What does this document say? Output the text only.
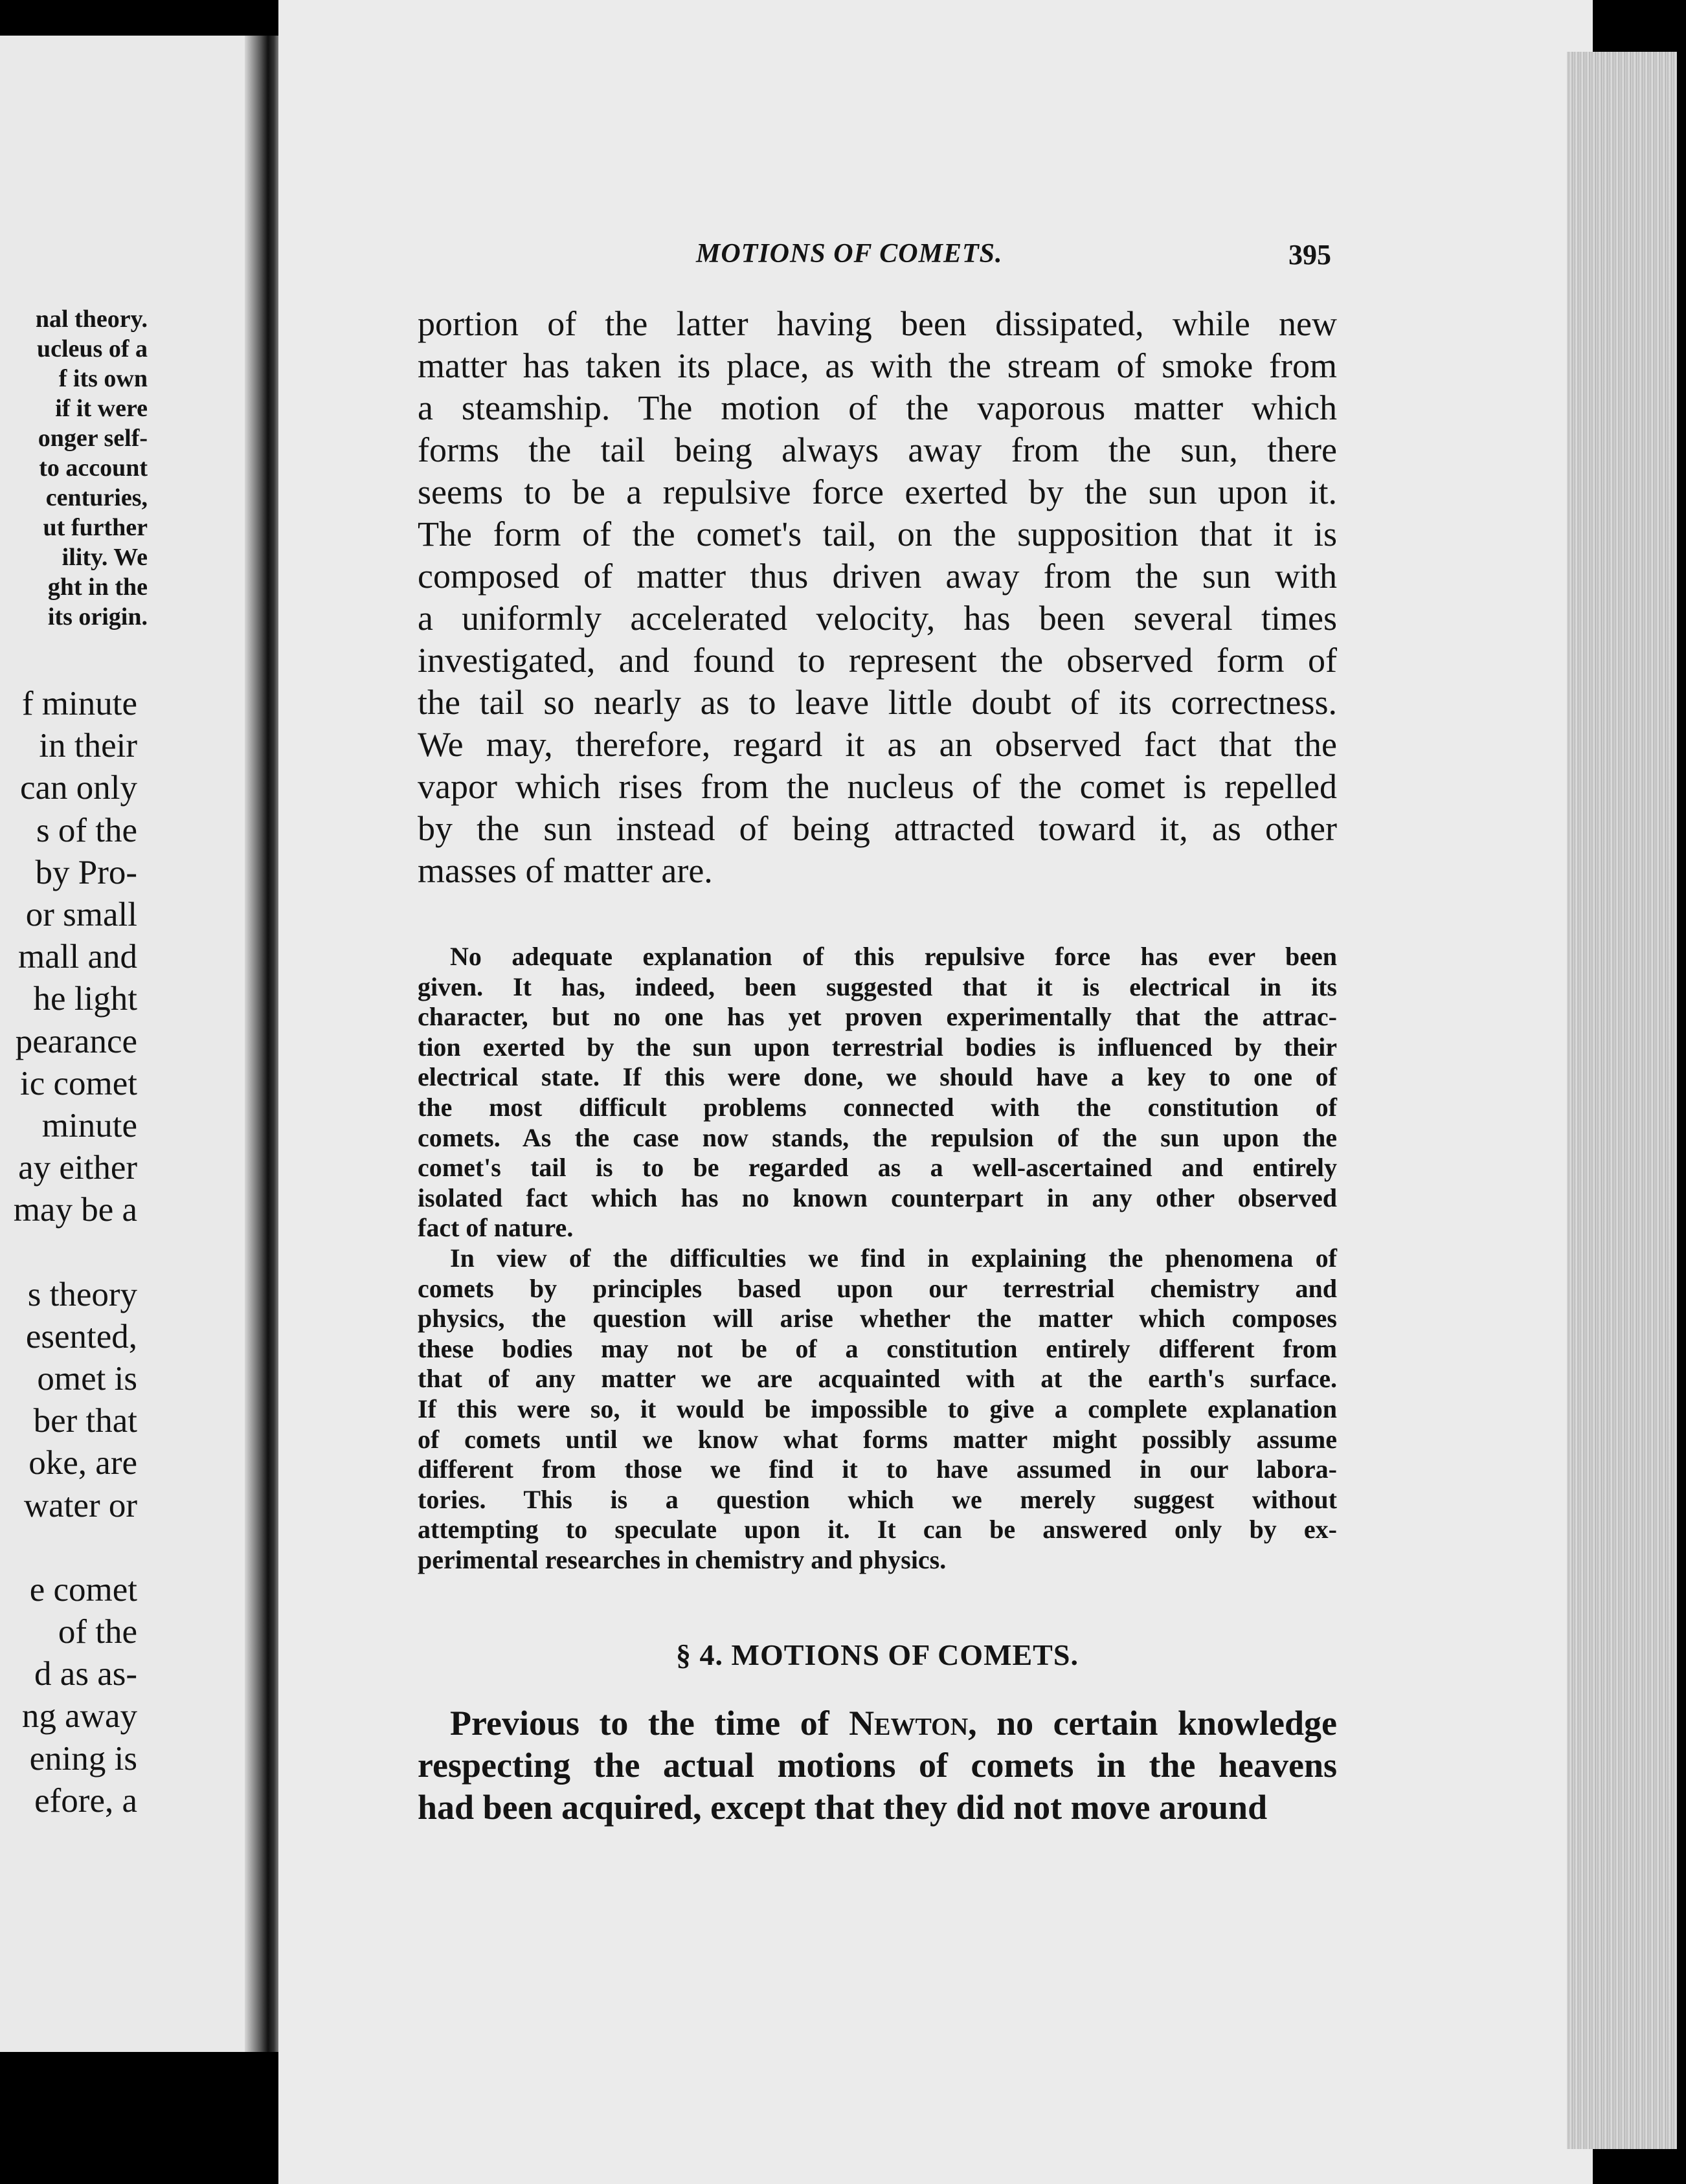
nal theory.
ucleus of a
f its own
if it were
onger self-
to account
centuries,
ut further
ility. We
ght in the
its origin.
f minute
in their
can only
s of the
by Pro-
or small
mall and
he light
pearance
ic comet
minute
ay either
may be a
s theory
esented,
omet is
ber that
oke, are
water or
e comet
of the
d as as-
ng away
ening is
efore, a
MOTIONS OF COMETS.	395
portion of the latter having been dissipated, while new
matter has taken its place, as with the stream of smoke from
a steamship. The motion of the vaporous matter which
forms the tail being always away from the sun, there
seems to be a repulsive force exerted by the sun upon it.
The form of the comet's tail, on the supposition that it is
composed of matter thus driven away from the sun with
a uniformly accelerated velocity, has been several times
investigated, and found to represent the observed form of
the tail so nearly as to leave little doubt of its correctness.
We may, therefore, regard it as an observed fact that the
vapor which rises from the nucleus of the comet is repelled
by the sun instead of being attracted toward it, as other
masses of matter are.
No adequate explanation of this repulsive force has ever been
given. It has, indeed, been suggested that it is electrical in its
character, but no one has yet proven experimentally that the attrac-
tion exerted by the sun upon terrestrial bodies is influenced by their
electrical state. If this were done, we should have a key to one of
the most difficult problems connected with the constitution of
comets. As the case now stands, the repulsion of the sun upon the
comet's tail is to be regarded as a well-ascertained and entirely
isolated fact which has no known counterpart in any other observed
fact of nature.
In view of the difficulties we find in explaining the phenomena of
comets by principles based upon our terrestrial chemistry and
physics, the question will arise whether the matter which composes
these bodies may not be of a constitution entirely different from
that of any matter we are acquainted with at the earth's surface.
If this were so, it would be impossible to give a complete explanation
of comets until we know what forms matter might possibly assume
different from those we find it to have assumed in our labora-
tories. This is a question which we merely suggest without
attempting to speculate upon it. It can be answered only by ex-
perimental researches in chemistry and physics.
§ 4. MOTIONS OF COMETS.
Previous to the time of Newton, no certain knowledge
respecting the actual motions of comets in the heavens
had been acquired, except that they did not move around
